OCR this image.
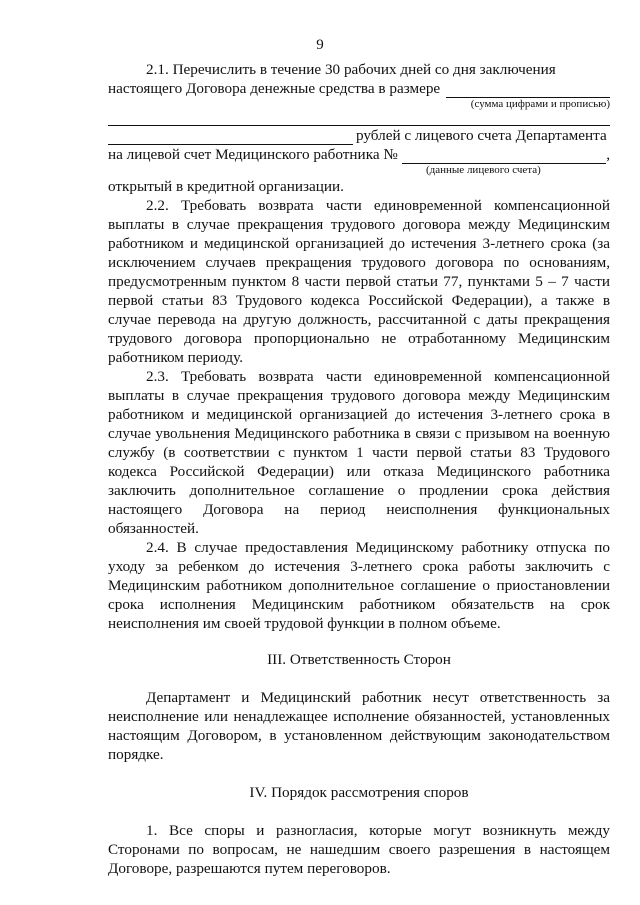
9

2.1. Перечислить в течение 30 рабочих дней со дня заключения

настоящего Договора денежные средства в размере

(сумма цифрами и прописью)

рублей с лицевого счета Департамента
на лицевой счет Медицинского работника №	,

(данные лицевого счета)

открытый в кредитной организации.

2.2. Требовать возврата части единовременной компенсационной выплаты в случае прекращения трудового договора между Медицинским работником и медицинской организацией до истечения 3-летнего срока (за исключением случаев прекращения трудового договора по основаниям, предусмотренным пунктом 8 части первой статьи 77, пунктами 5 – 7 части первой статьи 83 Трудового кодекса Российской Федерации), а также в случае перевода на другую должность, рассчитанной с даты прекращения трудового договора пропорционально не отработанному Медицинским работником периоду.

2.3. Требовать возврата части единовременной компенсационной выплаты в случае прекращения трудового договора между Медицинским работником и медицинской организацией до истечения 3-летнего срока в случае увольнения Медицинского работника в связи с призывом на военную службу (в соответствии с пунктом 1 части первой статьи 83 Трудового кодекса Российской Федерации) или отказа Медицинского работника заключить дополнительное соглашение о продлении срока действия настоящего Договора на период неисполнения функциональных обязанностей.

2.4. В случае предоставления Медицинскому работнику отпуска по уходу за ребенком до истечения 3-летнего срока работы заключить с Медицинским работником дополнительное соглашение о приостановлении срока исполнения Медицинским работником обязательств на срок неисполнения им своей трудовой функции в полном объеме.

III. Ответственность Сторон

Департамент и Медицинский работник несут ответственность за неисполнение или ненадлежащее исполнение обязанностей, установленных настоящим Договором, в установленном действующим законодательством порядке.

IV. Порядок рассмотрения споров

1. Все споры и разногласия, которые могут возникнуть между Сторонами по вопросам, не нашедшим своего разрешения в настоящем Договоре, разрешаются путем переговоров.
